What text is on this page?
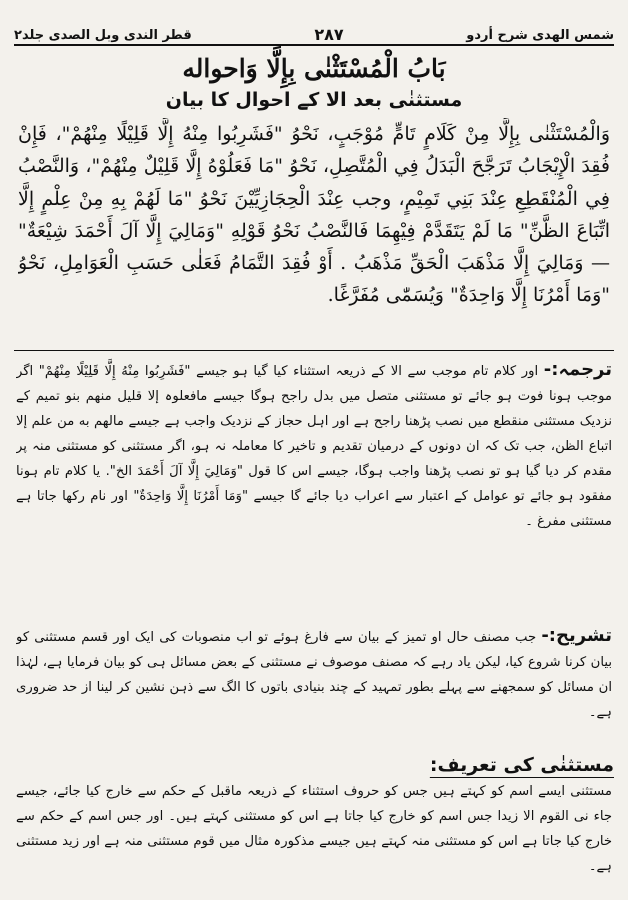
شمس الهدى شرح أردو
۲۸۷
قطر الندى وبل الصدى جلد٢
بَابُ الْمُسْتَثْنٰى بِإِلَّا وَاحواله
مستثنٰی بعد الا کے احوال کا بیان
وَالْمُسْتَثْنٰى بِإِلَّا مِنْ كَلَامٍ تَامٍّ مُوْجَبٍ، نَحْوُ "فَشَرِبُوا مِنْهُ إِلَّا قَلِيْلًا مِنْهُمْ"، فَإِنْ فُقِدَ الْإِيْجَابُ تَرَجَّحَ الْبَدَلُ فِي الْمُتَّصِلِ، نَحْوُ "مَا فَعَلُوْهُ إِلَّا قَلِيْلٌ مِنْهُمْ"، وَالنَّصْبُ فِي الْمُنْقَطِعِ عِنْدَ بَنِي تَمِيْمٍ، وجب عِنْدَ الْحِجَازِيِّيْنَ نَحْوُ "مَا لَهُمْ بِهِ مِنْ عِلْمٍ إِلَّا اتِّبَاعَ الظَّنِّ" مَا لَمْ يَتَقَدَّمْ فِيْهِمَا فَالنَّصْبُ نَحْوُ قَوْلِهِ "وَمَالِيَ إِلَّا آلَ أَحْمَدَ شِيْعَةٌ" — وَمَالِيَ إِلَّا مَذْهَبَ الْحَقِّ مَذْهَبُ . أَوْ فُقِدَ التَّمَامُ فَعَلٰى حَسَبِ الْعَوَامِلِ، نَحْوُ "وَمَا أَمْرُنَا إِلَّا وَاحِدَةٌ" وَيُسَمّٰى مُفَرَّغًا.
ترجمہ:- اور کلام تام موجب سے الا کے ذریعہ استثناء کیا گیا ہو جیسے "فَشَرِبُوا مِنْهُ إِلَّا قَلِيْلًا مِنْهُمْ" اگر موجب ہونا فوت ہو جائے تو مستثنی متصل میں بدل راجح ہوگا جیسے مافعلوہ إلا قليل منهم بنو تمیم کے نزدیک مستثنی منقطع میں نصب پڑھنا راجح ہے اور اہل حجاز کے نزدیک واجب ہے جیسے مالهم به من علم إلا اتباع الظن، جب تک کہ ان دونوں کے درمیان تقدیم و تاخیر کا معاملہ نہ ہو، اگر مستثنی کو مستثنی منہ پر مقدم کر دیا گیا ہو تو نصب پڑھنا واجب ہوگا، جیسے اس کا قول "وَمَالِيَ إِلَّا آلَ أَحْمَدَ الخ". یا کلام تام ہونا مفقود ہو جائے تو عوامل کے اعتبار سے اعراب دیا جائے گا جیسے "وَمَا أَمْرُنَا إِلَّا وَاحِدَةٌ" اور نام رکھا جاتا ہے مستثنی مفرغ ۔
تشریح:- جب مصنف حال او تمیز کے بیان سے فارغ ہوئے تو اب منصوبات کی ایک اور قسم مستثنی کو بیان کرنا شروع کیا، لیکن یاد رہے کہ مصنف موصوف نے مستثنی کے بعض مسائل ہی کو بیان فرمایا ہے، لہٰذا ان مسائل کو سمجھنے سے پہلے بطور تمہید کے چند بنیادی باتوں کا الگ سے ذہن نشین کر لینا از حد ضروری ہے۔
مستثنٰی کی تعریف:
مستثنی ایسے اسم کو کہتے ہیں جس کو حروف استثناء کے ذریعہ ماقبل کے حکم سے خارج کیا جائے، جیسے جاء نی القوم الا زیدا جس اسم کو خارج کیا جاتا ہے اس کو مستثنی کہتے ہیں۔ اور جس اسم کے حکم سے خارج کیا جاتا ہے اس کو مستثنی منہ کہتے ہیں جیسے مذکورہ مثال میں قوم مستثنی منہ ہے اور زید مستثنی ہے۔
